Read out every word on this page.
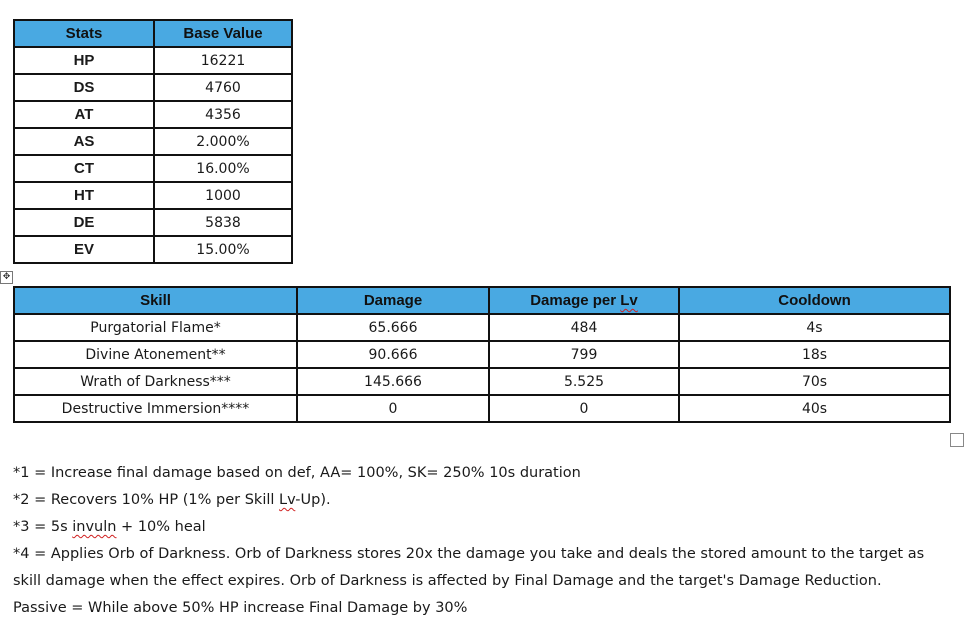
Stats	Base Value
HP	16221
DS	4760
AT	4356
AS	2.000%
CT	16.00%
HT	1000
DE	5838
EV	15.00%
✥
Skill	Damage	Damage per Lv	Cooldown
Purgatorial Flame*	65.666	484	4s
Divine Atonement**	90.666	799	18s
Wrath of Darkness***	145.666	5.525	70s
Destructive Immersion****	0	0	40s

*1 = Increase final damage based on def, AA= 100%, SK= 250% 10s duration

*2 = Recovers 10% HP (1% per Skill Lv-Up).

*3 = 5s invuln + 10% heal

*4 = Applies Orb of Darkness. Orb of Darkness stores 20x the damage you take and deals the stored amount to the target as

skill damage when the effect expires. Orb of Darkness is affected by Final Damage and the target's Damage Reduction.

Passive = While above 50% HP increase Final Damage by 30%
